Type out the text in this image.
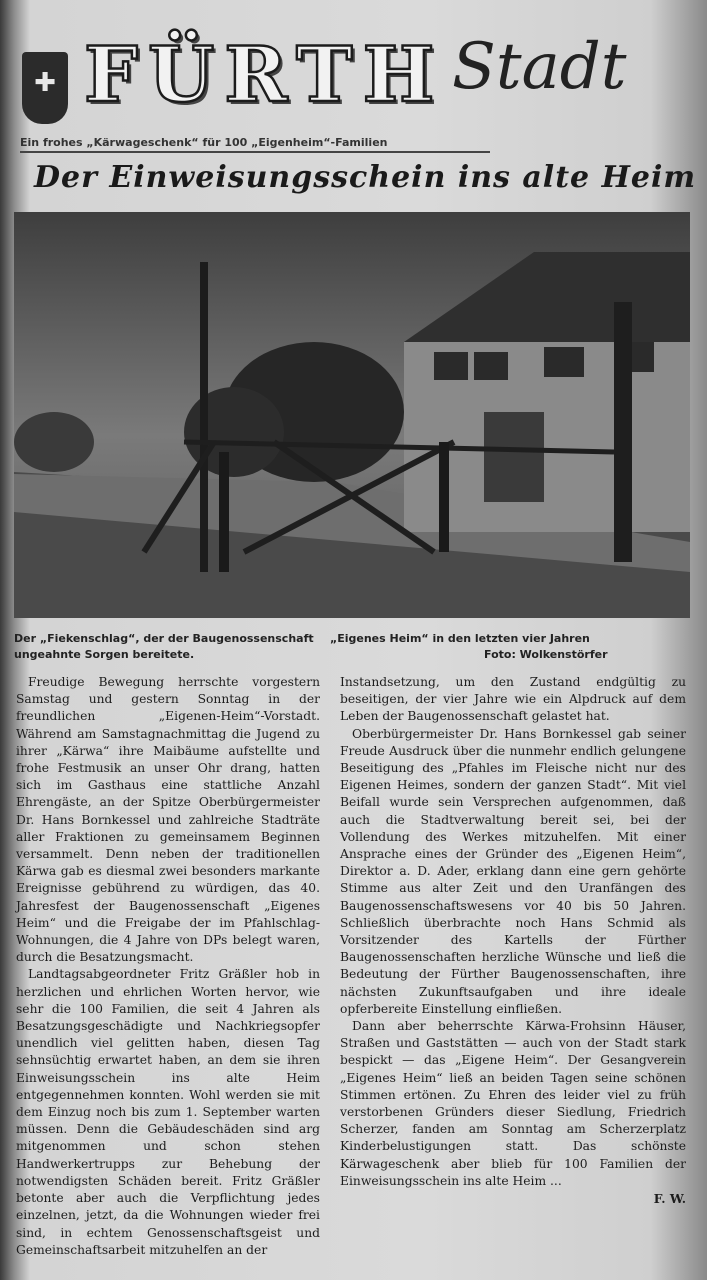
✚ FÜRTH Stadt
Ein frohes „Kärwageschenk“ für 100 „Eigenheim“-Familien
Der Einweisungsschein ins alte Heim
Der „Fiekenschlag“, der der Baugenossenschaft „Eigenes Heim“ in den letzten vier Jahren
ungeahnte Sorgen bereitete.	Foto: Wolkenstörfer

Freudige Bewegung herrschte vorgestern Samstag und gestern Sonntag in der freundlichen „Eigenen-Heim“-Vorstadt. Während am Samstagnachmittag die Jugend zu ihrer „Kärwa“ ihre Maibäume aufstellte und frohe Festmusik an unser Ohr drang, hatten sich im Gasthaus eine stattliche Anzahl Ehrengäste, an der Spitze Oberbürgermeister Dr. Hans Bornkessel und zahlreiche Stadträte aller Fraktionen zu gemeinsamem Beginnen versammelt. Denn neben der traditionellen Kärwa gab es diesmal zwei besonders markante Ereignisse gebührend zu würdigen, das 40. Jahresfest der Baugenossenschaft „Eigenes Heim“ und die Freigabe der im Pfahlschlag-Wohnungen, die 4 Jahre von DPs belegt waren, durch die Besatzungsmacht.

Landtagsabgeordneter Fritz Gräßler hob in herzlichen und ehrlichen Worten hervor, wie sehr die 100 Familien, die seit 4 Jahren als Besatzungsgeschädigte und Nachkriegsopfer unendlich viel gelitten haben, diesen Tag sehnsüchtig erwartet haben, an dem sie ihren Einweisungsschein ins alte Heim entgegennehmen konnten. Wohl werden sie mit dem Einzug noch bis zum 1. September warten müssen. Denn die Gebäudeschäden sind arg mitgenommen und schon stehen Handwerkertrupps zur Behebung der notwendigsten Schäden bereit. Fritz Gräßler betonte aber auch die Verpflichtung jedes einzelnen, jetzt, da die Wohnungen wieder frei sind, in echtem Genossenschaftsgeist und Gemeinschaftsarbeit mitzuhelfen an der

Instandsetzung, um den Zustand endgültig zu beseitigen, der vier Jahre wie ein Alpdruck auf dem Leben der Baugenossenschaft gelastet hat.

Oberbürgermeister Dr. Hans Bornkessel gab seiner Freude Ausdruck über die nunmehr endlich gelungene Beseitigung des „Pfahles im Fleische nicht nur des Eigenen Heimes, sondern der ganzen Stadt“. Mit viel Beifall wurde sein Versprechen aufgenommen, daß auch die Stadtverwaltung bereit sei, bei der Vollendung des Werkes mitzuhelfen. Mit einer Ansprache eines der Gründer des „Eigenen Heim“, Direktor a. D. Ader, erklang dann eine gern gehörte Stimme aus alter Zeit und den Uranfängen des Baugenossenschaftswesens vor 40 bis 50 Jahren. Schließlich überbrachte noch Hans Schmid als Vorsitzender des Kartells der Fürther Baugenossenschaften herzliche Wünsche und ließ die Bedeutung der Fürther Baugenossenschaften, ihre nächsten Zukunftsaufgaben und ihre ideale opferbereite Einstellung einfließen.

Dann aber beherrschte Kärwa-Frohsinn Häuser, Straßen und Gaststätten — auch von der Stadt stark bespickt — das „Eigene Heim“. Der Gesangverein „Eigenes Heim“ ließ an beiden Tagen seine schönen Stimmen ertönen. Zu Ehren des leider viel zu früh verstorbenen Gründers dieser Siedlung, Friedrich Scherzer, fanden am Sonntag am Scherzerplatz Kinderbelustigungen statt. Das schönste Kärwageschenk aber blieb für 100 Familien der Einweisungsschein ins alte Heim ...

F. W.
